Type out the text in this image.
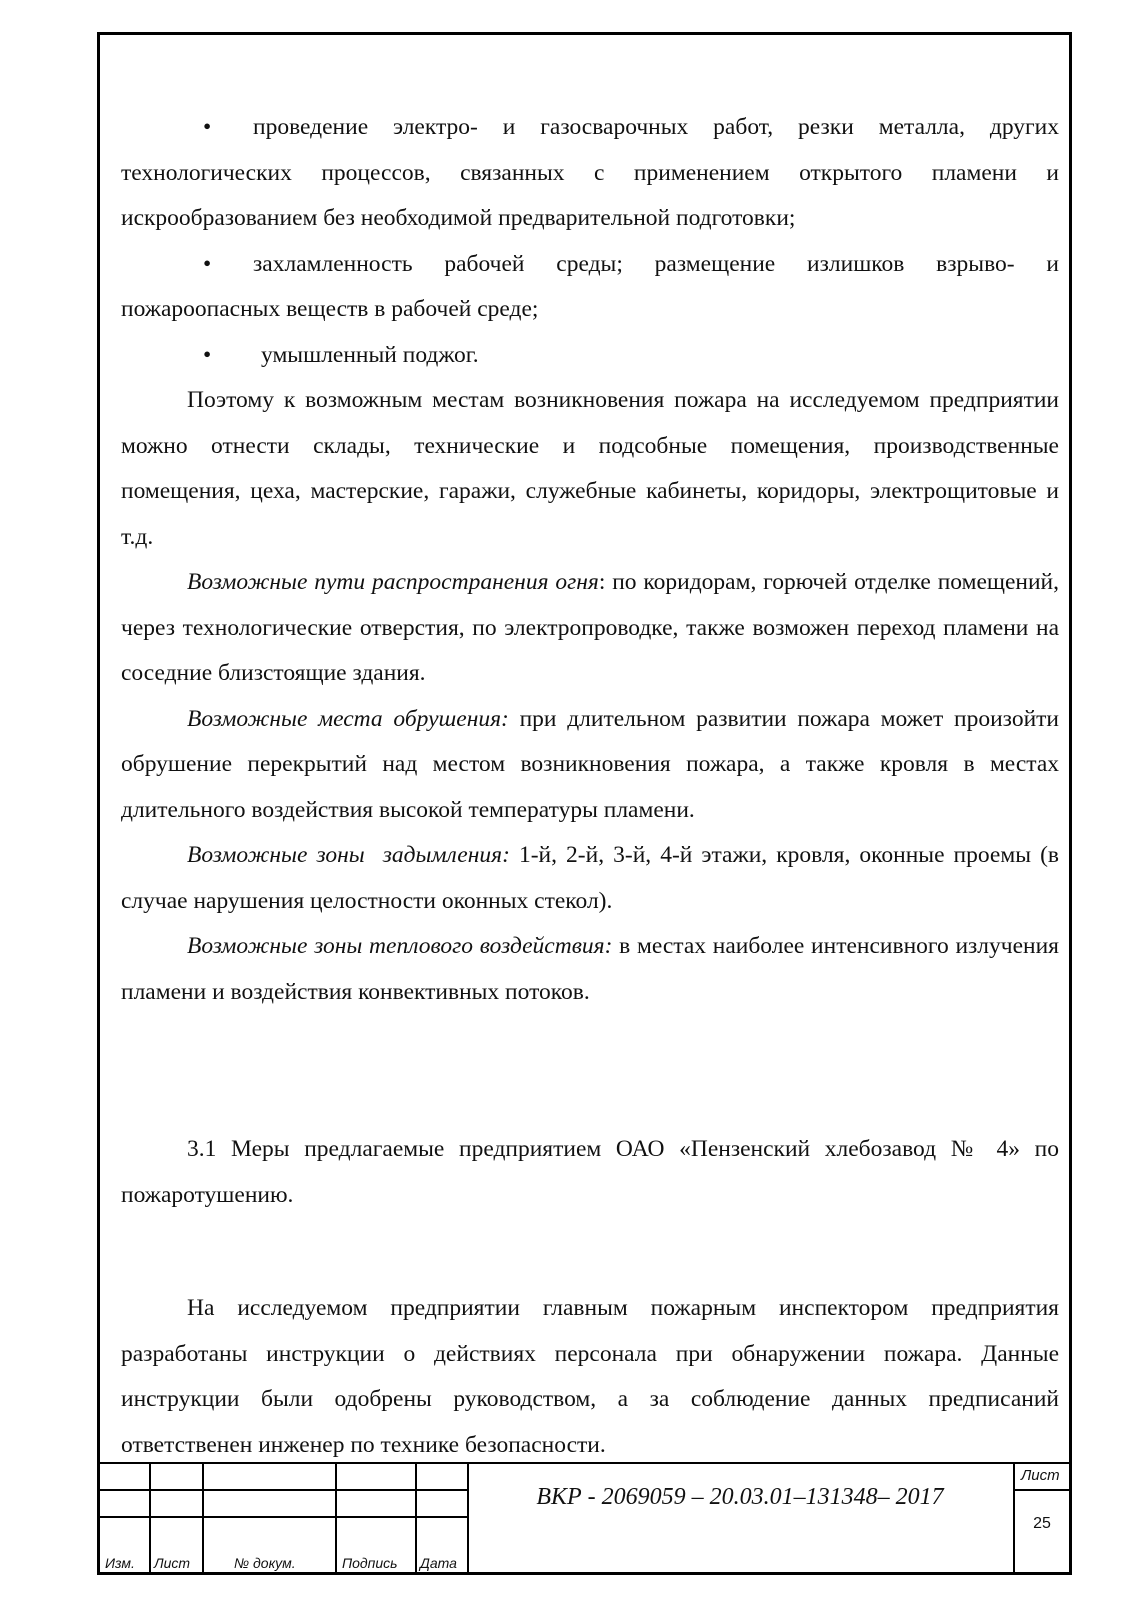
• проведение электро- и газосварочных работ, резки металла, других технологических процессов, связанных с применением открытого пламени и искрообразованием без необходимой предварительной подготовки;

• захламленность рабочей среды; размещение излишков взрыво- и пожароопасных веществ в рабочей среде;

• умышленный поджог.

Поэтому к возможным местам возникновения пожара на исследуемом предприятии можно отнести склады, технические и подсобные помещения, производственные помещения, цеха, мастерские, гаражи, служебные кабинеты, коридоры, электрощитовые и т.д.

Возможные пути распространения огня: по коридорам, горючей отделке помещений, через технологические отверстия, по электропроводке, также возможен переход пламени на соседние близстоящие здания.

Возможные места обрушения: при длительном развитии пожара может произойти обрушение перекрытий над местом возникновения пожара, а также кровля в местах длительного воздействия высокой температуры пламени.

Возможные зоны  задымления: 1-й, 2-й, 3-й, 4-й этажи, кровля, оконные проемы (в случае нарушения целостности оконных стекол).

Возможные зоны теплового воздействия: в местах наиболее интенсивного излучения пламени и воздействия конвективных потоков.

3.1 Меры предлагаемые предприятием ОАО «Пензенский хлебозавод № 4» по пожаротушению.

На исследуемом предприятии главным пожарным инспектором предприятия разработаны инструкции о действиях персонала при обнаружении пожара. Данные инструкции были одобрены руководством, а за соблюдение данных предписаний ответственен инженер по технике безопасности.

Изм. Лист	№ докум.	Подпись Дата
ВКР - 2069059 – 20.03.01–131348– 2017
Лист
25
